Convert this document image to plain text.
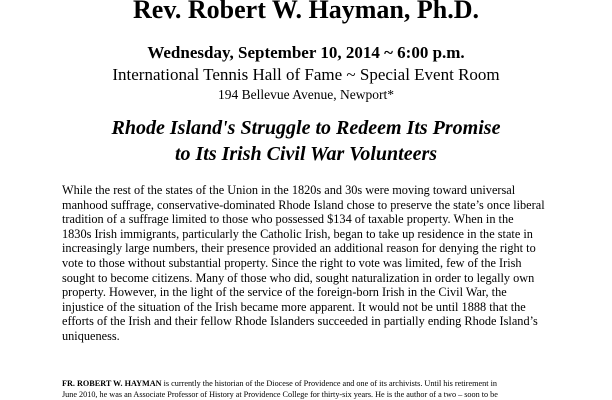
Rev. Robert W. Hayman, Ph.D.
Wednesday, September 10, 2014 ~ 6:00 p.m.
International Tennis Hall of Fame ~ Special Event Room
194 Bellevue Avenue, Newport*
Rhode Island's Struggle to Redeem Its Promise
to Its Irish Civil War Volunteers
While the rest of the states of the Union in the 1820s and 30s were moving toward universal
manhood suffrage, conservative-dominated Rhode Island chose to preserve the state’s once liberal
tradition of a suffrage limited to those who possessed $134 of taxable property. When in the
1830s Irish immigrants, particularly the Catholic Irish, began to take up residence in the state in
increasingly large numbers, their presence provided an additional reason for denying the right to
vote to those without substantial property. Since the right to vote was limited, few of the Irish
sought to become citizens. Many of those who did, sought naturalization in order to legally own
property. However, in the light of the service of the foreign-born Irish in the Civil War, the
injustice of the situation of the Irish became more apparent. It would not be until 1888 that the
efforts of the Irish and their fellow Rhode Islanders succeeded in partially ending Rhode Island’s
uniqueness.
FR. ROBERT W. HAYMAN is currently the historian of the Diocese of Providence and one of its archivists. Until his retirement in
June 2010, he was an Associate Professor of History at Providence College for thirty-six years. He is the author of a two – soon to be
